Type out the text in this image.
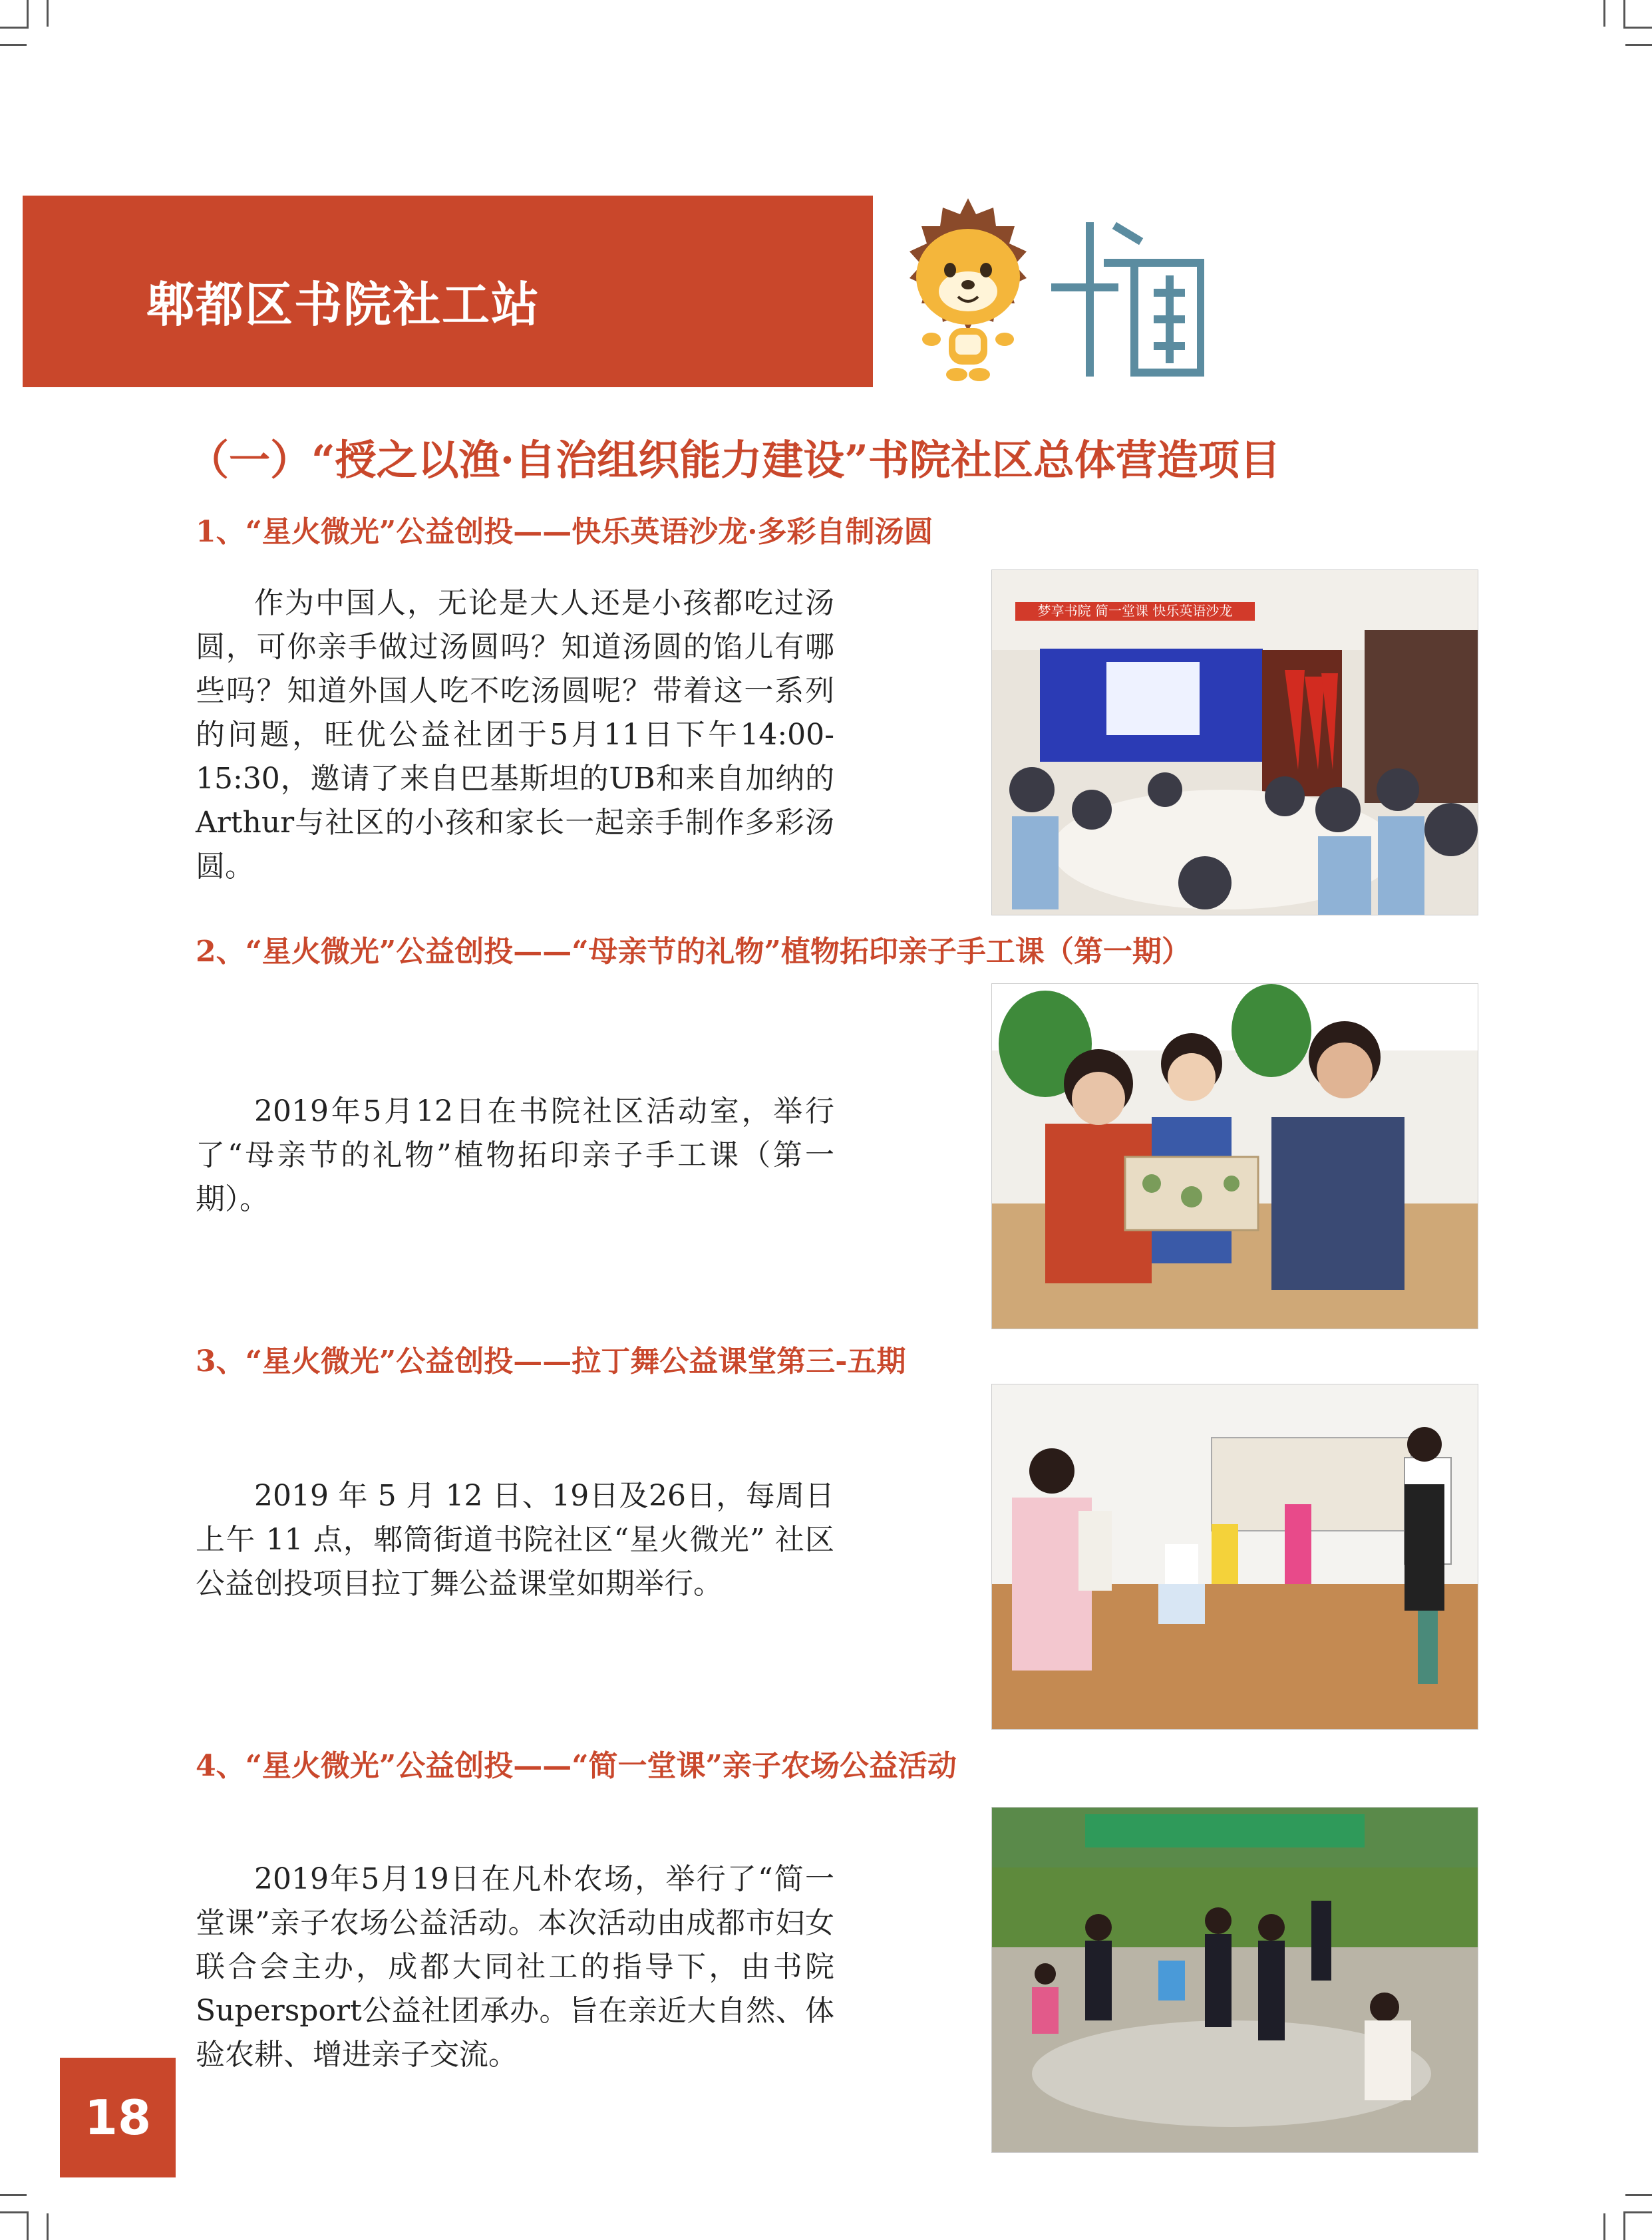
郫都区书院社工站
（一）“授之以渔·自治组织能力建设”书院社区总体营造项目
1、“星火微光”公益创投——快乐英语沙龙·多彩自制汤圆
作为中国人，无论是大人还是小孩都吃过汤圆，可你亲手做过汤圆吗？知道汤圆的馅儿有哪些吗？知道外国人吃不吃汤圆呢？带着这一系列的问题，旺优公益社团于5月11日下午14:00-15:30，邀请了来自巴基斯坦的UB和来自加纳的Arthur与社区的小孩和家长一起亲手制作多彩汤圆。
梦享书院 简一堂课 快乐英语沙龙
2、“星火微光”公益创投——“母亲节的礼物”植物拓印亲子手工课（第一期）
2019年5月12日在书院社区活动室，举行了“母亲节的礼物”植物拓印亲子手工课（第一期）。
3、“星火微光”公益创投——拉丁舞公益课堂第三-五期
2019 年 5 月 12 日、19日及26日，每周日上午 11 点，郫筒街道书院社区“星火微光” 社区公益创投项目拉丁舞公益课堂如期举行。
4、“星火微光”公益创投——“简一堂课”亲子农场公益活动
2019年5月19日在凡朴农场，举行了“简一堂课”亲子农场公益活动。本次活动由成都市妇女联合会主办，成都大同社工的指导下，由书院Supersport公益社团承办。旨在亲近大自然、体验农耕、增进亲子交流。
18
